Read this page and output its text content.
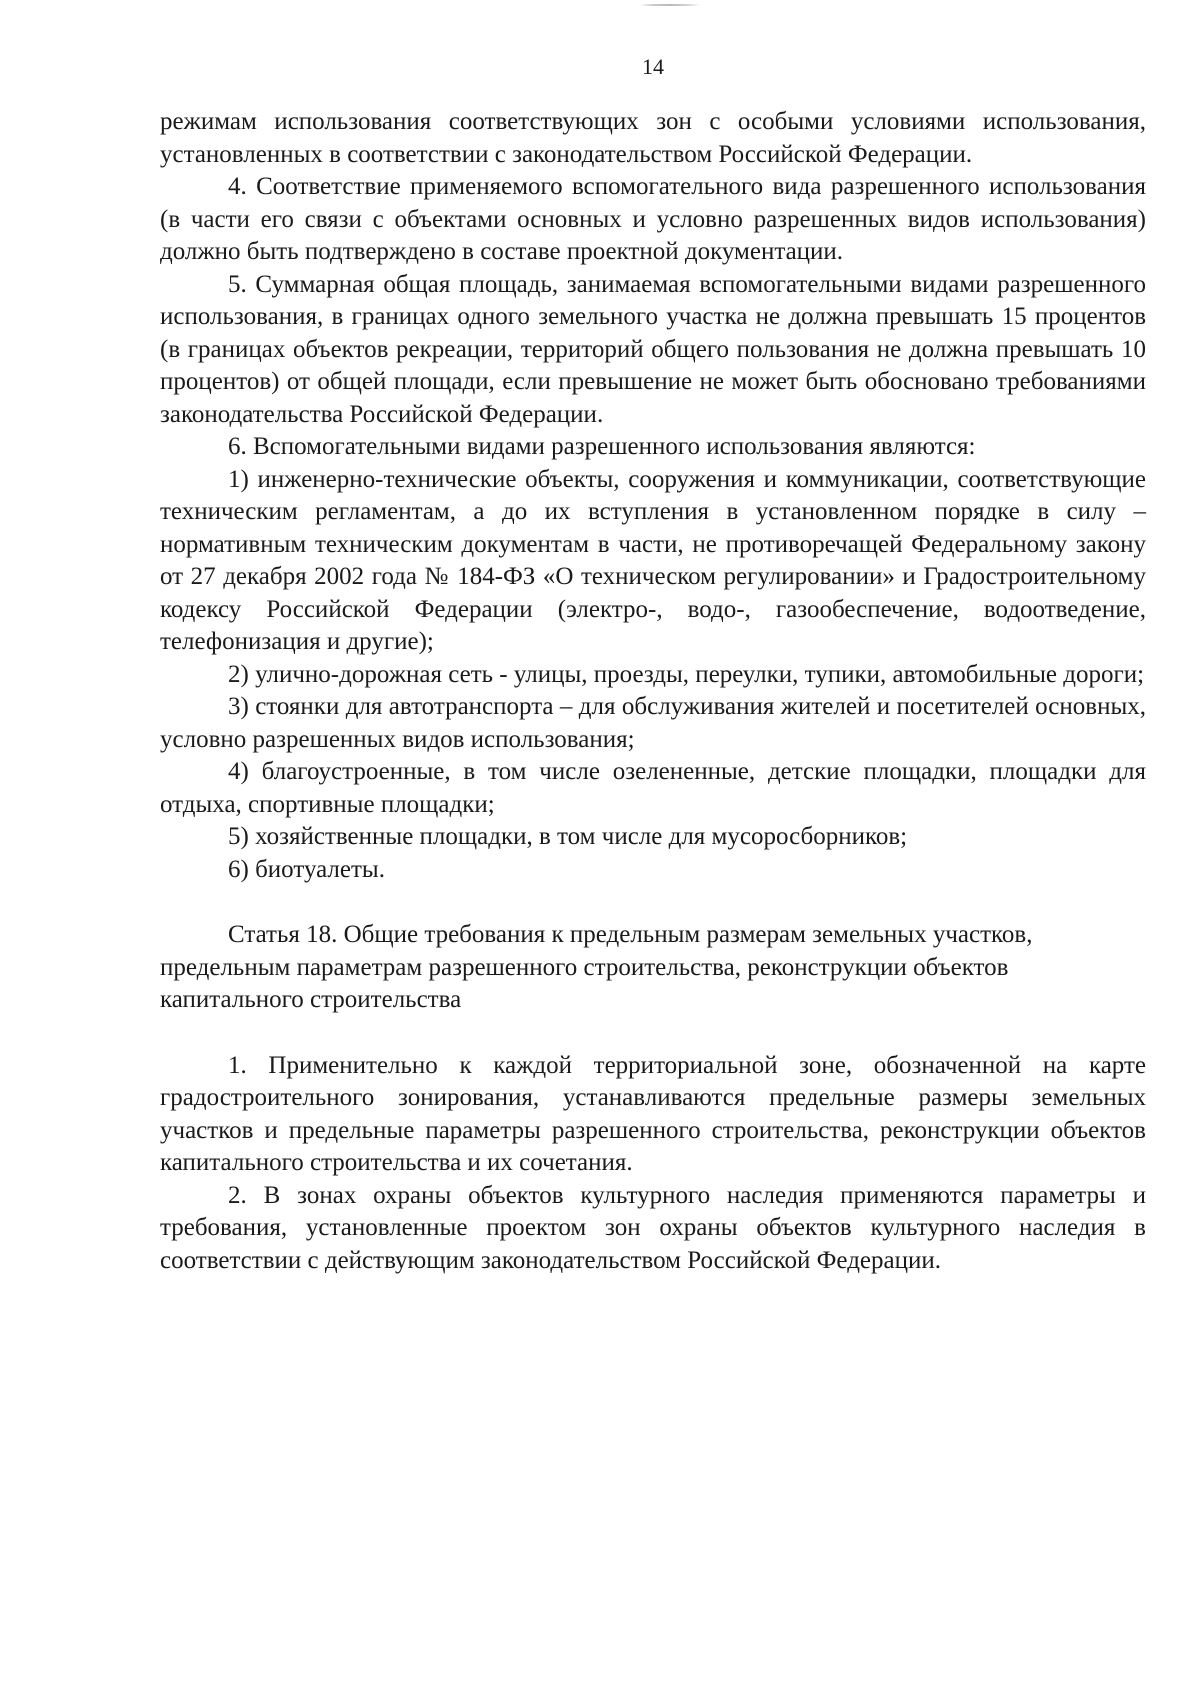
14

режимам использования соответствующих зон с особыми условиями использования, установленных в соответствии с законодательством Российской Федерации.

4. Соответствие применяемого вспомогательного вида разрешенного использования (в части его связи с объектами основных и условно разрешенных видов использования) должно быть подтверждено в составе проектной документации.

5. Суммарная общая площадь, занимаемая вспомогательными видами разрешенного использования, в границах одного земельного участка не должна превышать 15 процентов (в границах объектов рекреации, территорий общего пользования не должна превышать 10 процентов) от общей площади, если превышение не может быть обосновано требованиями законодательства Российской Федерации.

6. Вспомогательными видами разрешенного использования являются:

1) инженерно-технические объекты, сооружения и коммуникации, соответствующие техническим регламентам, а до их вступления в установленном порядке в силу – нормативным техническим документам в части, не противоречащей Федеральному закону от 27 декабря 2002 года № 184-ФЗ «О техническом регулировании» и Градостроительному кодексу Российской Федерации (электро-, водо-, газообеспечение, водоотведение, телефонизация и другие);

2) улично-дорожная сеть - улицы, проезды, переулки, тупики, автомобильные дороги;

3) стоянки для автотранспорта – для обслуживания жителей и посетителей основных, условно разрешенных видов использования;

4) благоустроенные, в том числе озелененные, детские площадки, площадки для отдыха, спортивные площадки;

5) хозяйственные площадки, в том числе для мусоросборников;

6) биотуалеты.

Статья 18. Общие требования к предельным размерам земельных участков, предельным параметрам разрешенного строительства, реконструкции объектов капитального строительства

1. Применительно к каждой территориальной зоне, обозначенной на карте градостроительного зонирования, устанавливаются предельные размеры земельных участков и предельные параметры разрешенного строительства, реконструкции объектов капитального строительства и их сочетания.

2. В зонах охраны объектов культурного наследия применяются параметры и требования, установленные проектом зон охраны объектов культурного наследия в соответствии с действующим законодательством Российской Федерации.
